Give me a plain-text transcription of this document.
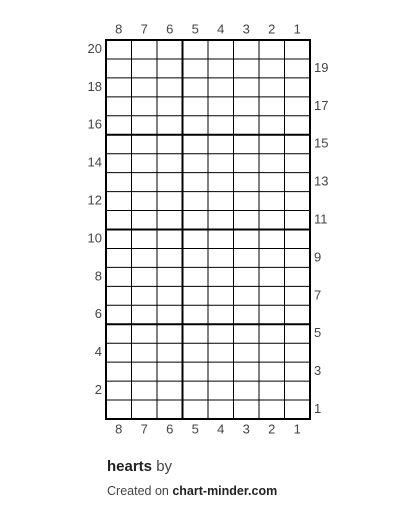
8
8
7
7
6
6
5
5
4
4
3
3
2
2
1
1
20
18
16
14
12
10
8
6
4
2
19
17
15
13
11
9
7
5
3
1
hearts by
Created on chart-minder.com
